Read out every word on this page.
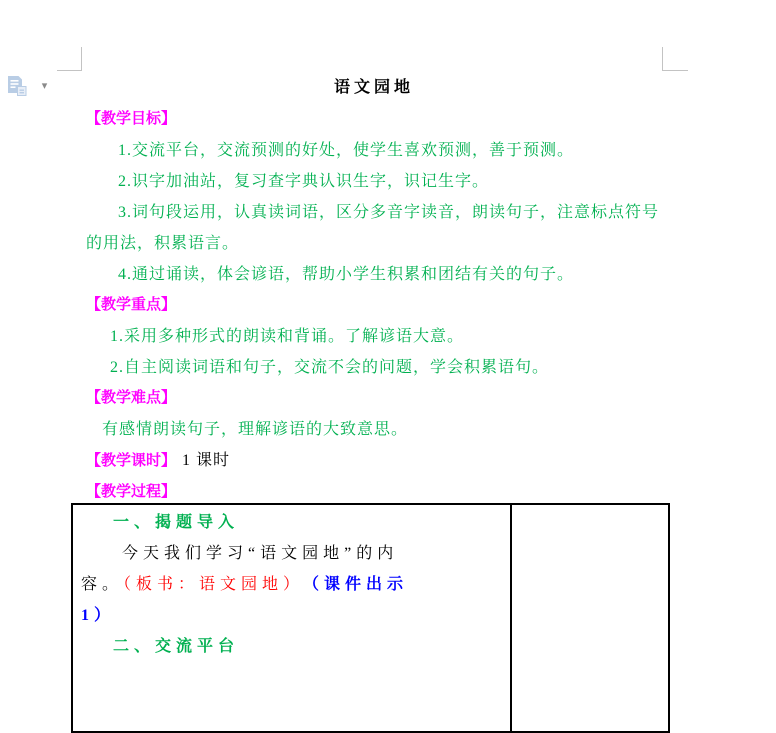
▾	语文园地

【教学目标】

1.交流平台，交流预测的好处，使学生喜欢预测，善于预测。

2.识字加油站，复习查字典认识生字，识记生字。

3.词句段运用，认真读词语，区分多音字读音，朗读句子，注意标点符号的用法，积累语言。

4.通过诵读，体会谚语，帮助小学生积累和团结有关的句子。

【教学重点】

1.采用多种形式的朗读和背诵。了解谚语大意。

2.自主阅读词语和句子，交流不会的问题，学会积累语句。

【教学难点】

有感情朗读句子，理解谚语的大致意思。

【教学课时】 1 课时

【教学过程】

一、揭题导入
今天我们学习“语文园地”的内
容。（板书：语文园地） （课件出示
1）
二、交流平台
